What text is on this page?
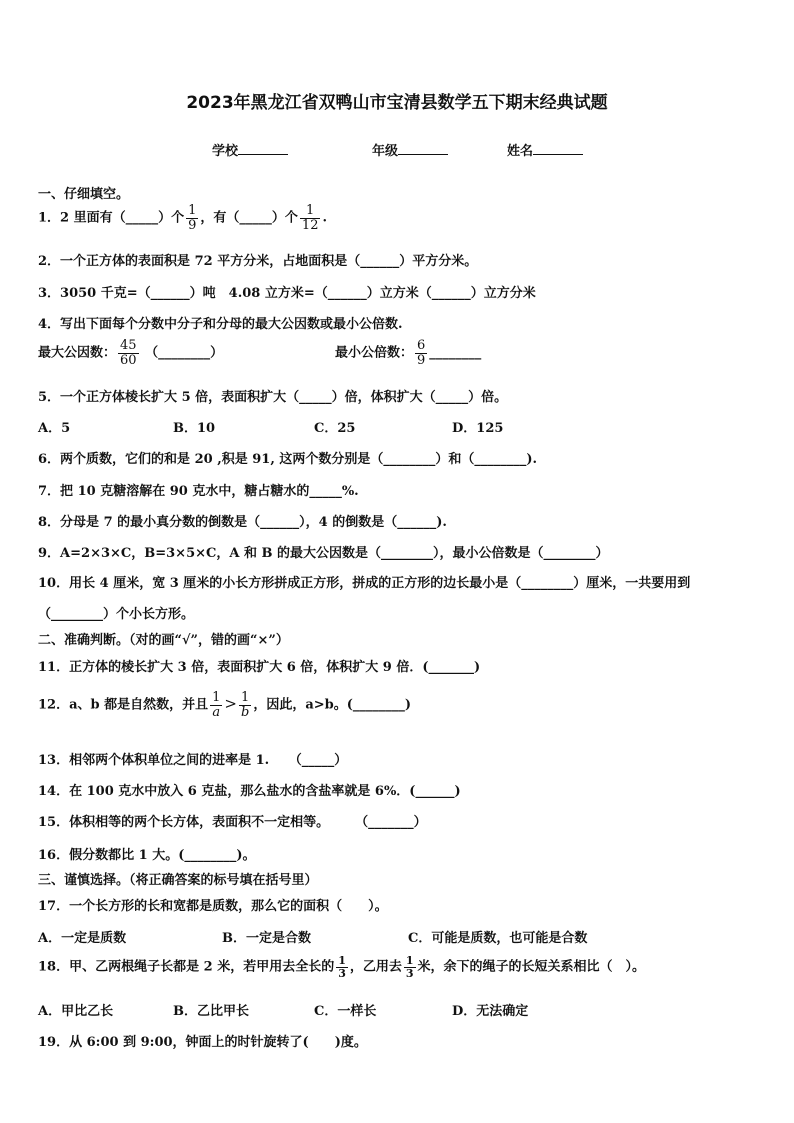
2023年黑龙江省双鸭山市宝清县数学五下期末经典试题
学校	年级	姓名
一、仔细填空。
1．2 里面有（_____）个 $\frac{1}{9}$ ，有（_____）个 $\frac{1}{12}$ .
2．一个正方体的表面积是 72 平方分米，占地面积是（______）平方分米。
3．3050 千克=（______）吨　4.08 立方米=（______）立方米（______）立方分米
4．写出下面每个分数中分子和分母的最大公因数或最小公倍数.
最大公因数： $\frac{45}{60}$ （________）	最小公倍数： $\frac{6}{9}$ ________
5．一个正方体棱长扩大 5 倍，表面积扩大（_____）倍，体积扩大（_____）倍。
A．5	B．10	C．25	D．125
6．两个质数，它们的和是 20 ,积是 91, 这两个数分别是（________）和（________).
7．把 10 克糖溶解在 90 克水中，糖占糖水的_____%.
8．分母是 7 的最小真分数的倒数是（______），4 的倒数是（______).
9．A=2×3×C，B=3×5×C，A 和 B 的最大公因数是（________），最小公倍数是（________）
10．用长 4 厘米，宽 3 厘米的小长方形拼成正方形，拼成的正方形的边长最小是（________）厘米，一共要用到
（________）个小长方形。
二、准确判断。（对的画“√”，错的画“×”）
11．正方体的棱长扩大 3 倍，表面积扩大 6 倍，体积扩大 9 倍．(_______)
12．a、b 都是自然数，并且 $\frac{1}{a} > \frac{1}{b}$ ，因此，a>b。(________)
13．相邻两个体积单位之间的进率是 1.　　（_____）
14．在 100 克水中放入 6 克盐，那么盐水的含盐率就是 6%．(______)
15．体积相等的两个长方体，表面积不一定相等。　　　（_______）
16．假分数都比 1 大。(________)。
三、谨慎选择。（将正确答案的标号填在括号里）
17．一个长方形的长和宽都是质数，那么它的面积（　　）。
A．一定是质数	B．一定是合数	C．可能是质数，也可能是合数
18．甲、乙两根绳子长都是 2 米，若甲用去全长的 $\frac{1}{3}$ ，乙用去 $\frac{1}{3}$ 米，余下的绳子的长短关系相比（　）。
A．甲比乙长	B．乙比甲长	C．一样长	D．无法确定
19．从 6:00 到 9:00，钟面上的时针旋转了(　　)度。
